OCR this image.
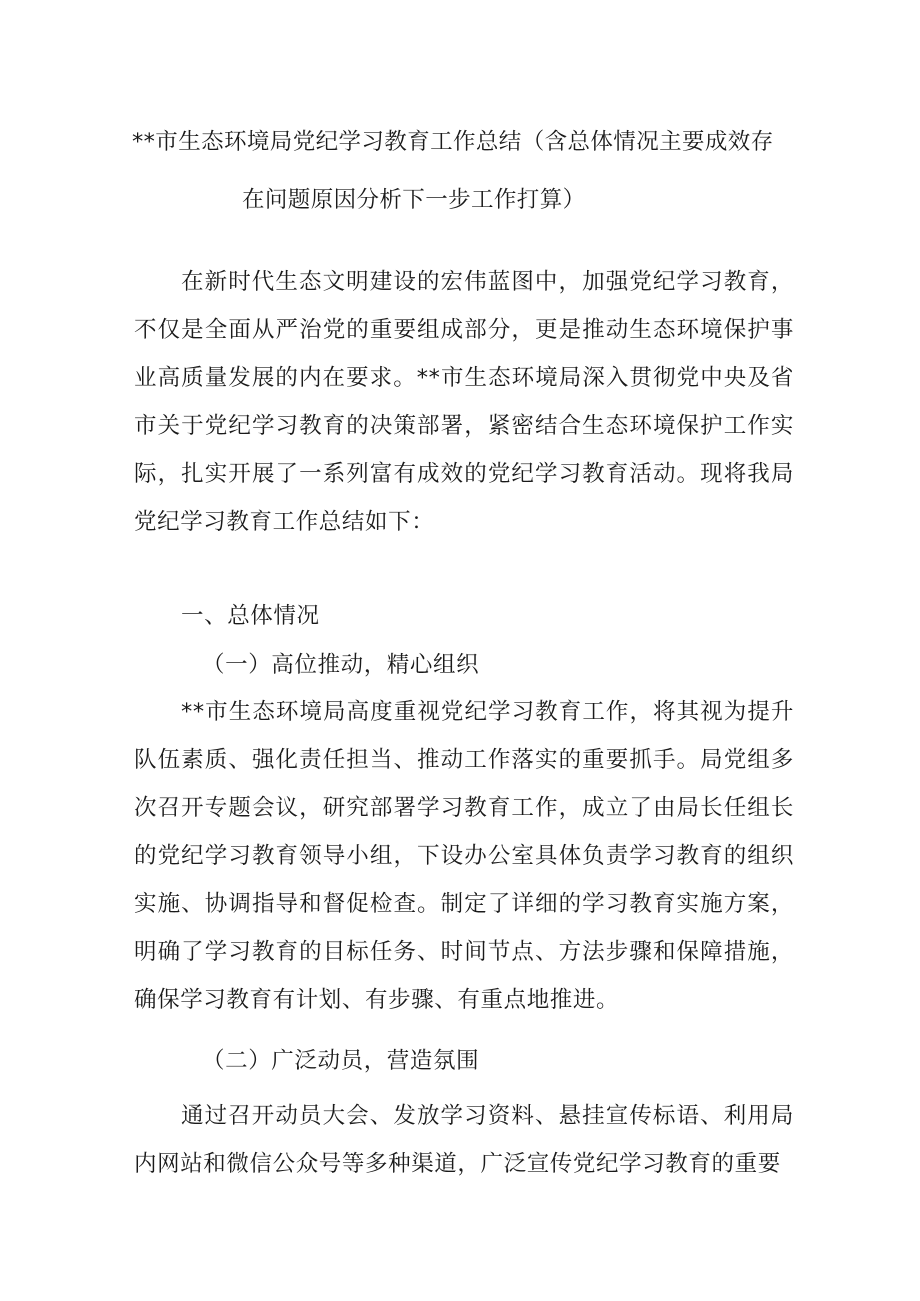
**市生态环境局党纪学习教育工作总结（含总体情况主要成效存
在问题原因分析下一步工作打算）

在新时代生态文明建设的宏伟蓝图中，加强党纪学习教育，不仅是全面从严治党的重要组成部分，更是推动生态环境保护事业高质量发展的内在要求。**市生态环境局深入贯彻党中央及省市关于党纪学习教育的决策部署，紧密结合生态环境保护工作实际，扎实开展了一系列富有成效的党纪学习教育活动。现将我局党纪学习教育工作总结如下：

一、总体情况
（一）高位推动，精心组织

**市生态环境局高度重视党纪学习教育工作，将其视为提升队伍素质、强化责任担当、推动工作落实的重要抓手。局党组多次召开专题会议，研究部署学习教育工作，成立了由局长任组长的党纪学习教育领导小组，下设办公室具体负责学习教育的组织实施、协调指导和督促检查。制定了详细的学习教育实施方案，明确了学习教育的目标任务、时间节点、方法步骤和保障措施，确保学习教育有计划、有步骤、有重点地推进。

（二）广泛动员，营造氛围

通过召开动员大会、发放学习资料、悬挂宣传标语、利用局内网站和微信公众号等多种渠道，广泛宣传党纪学习教育的重要
